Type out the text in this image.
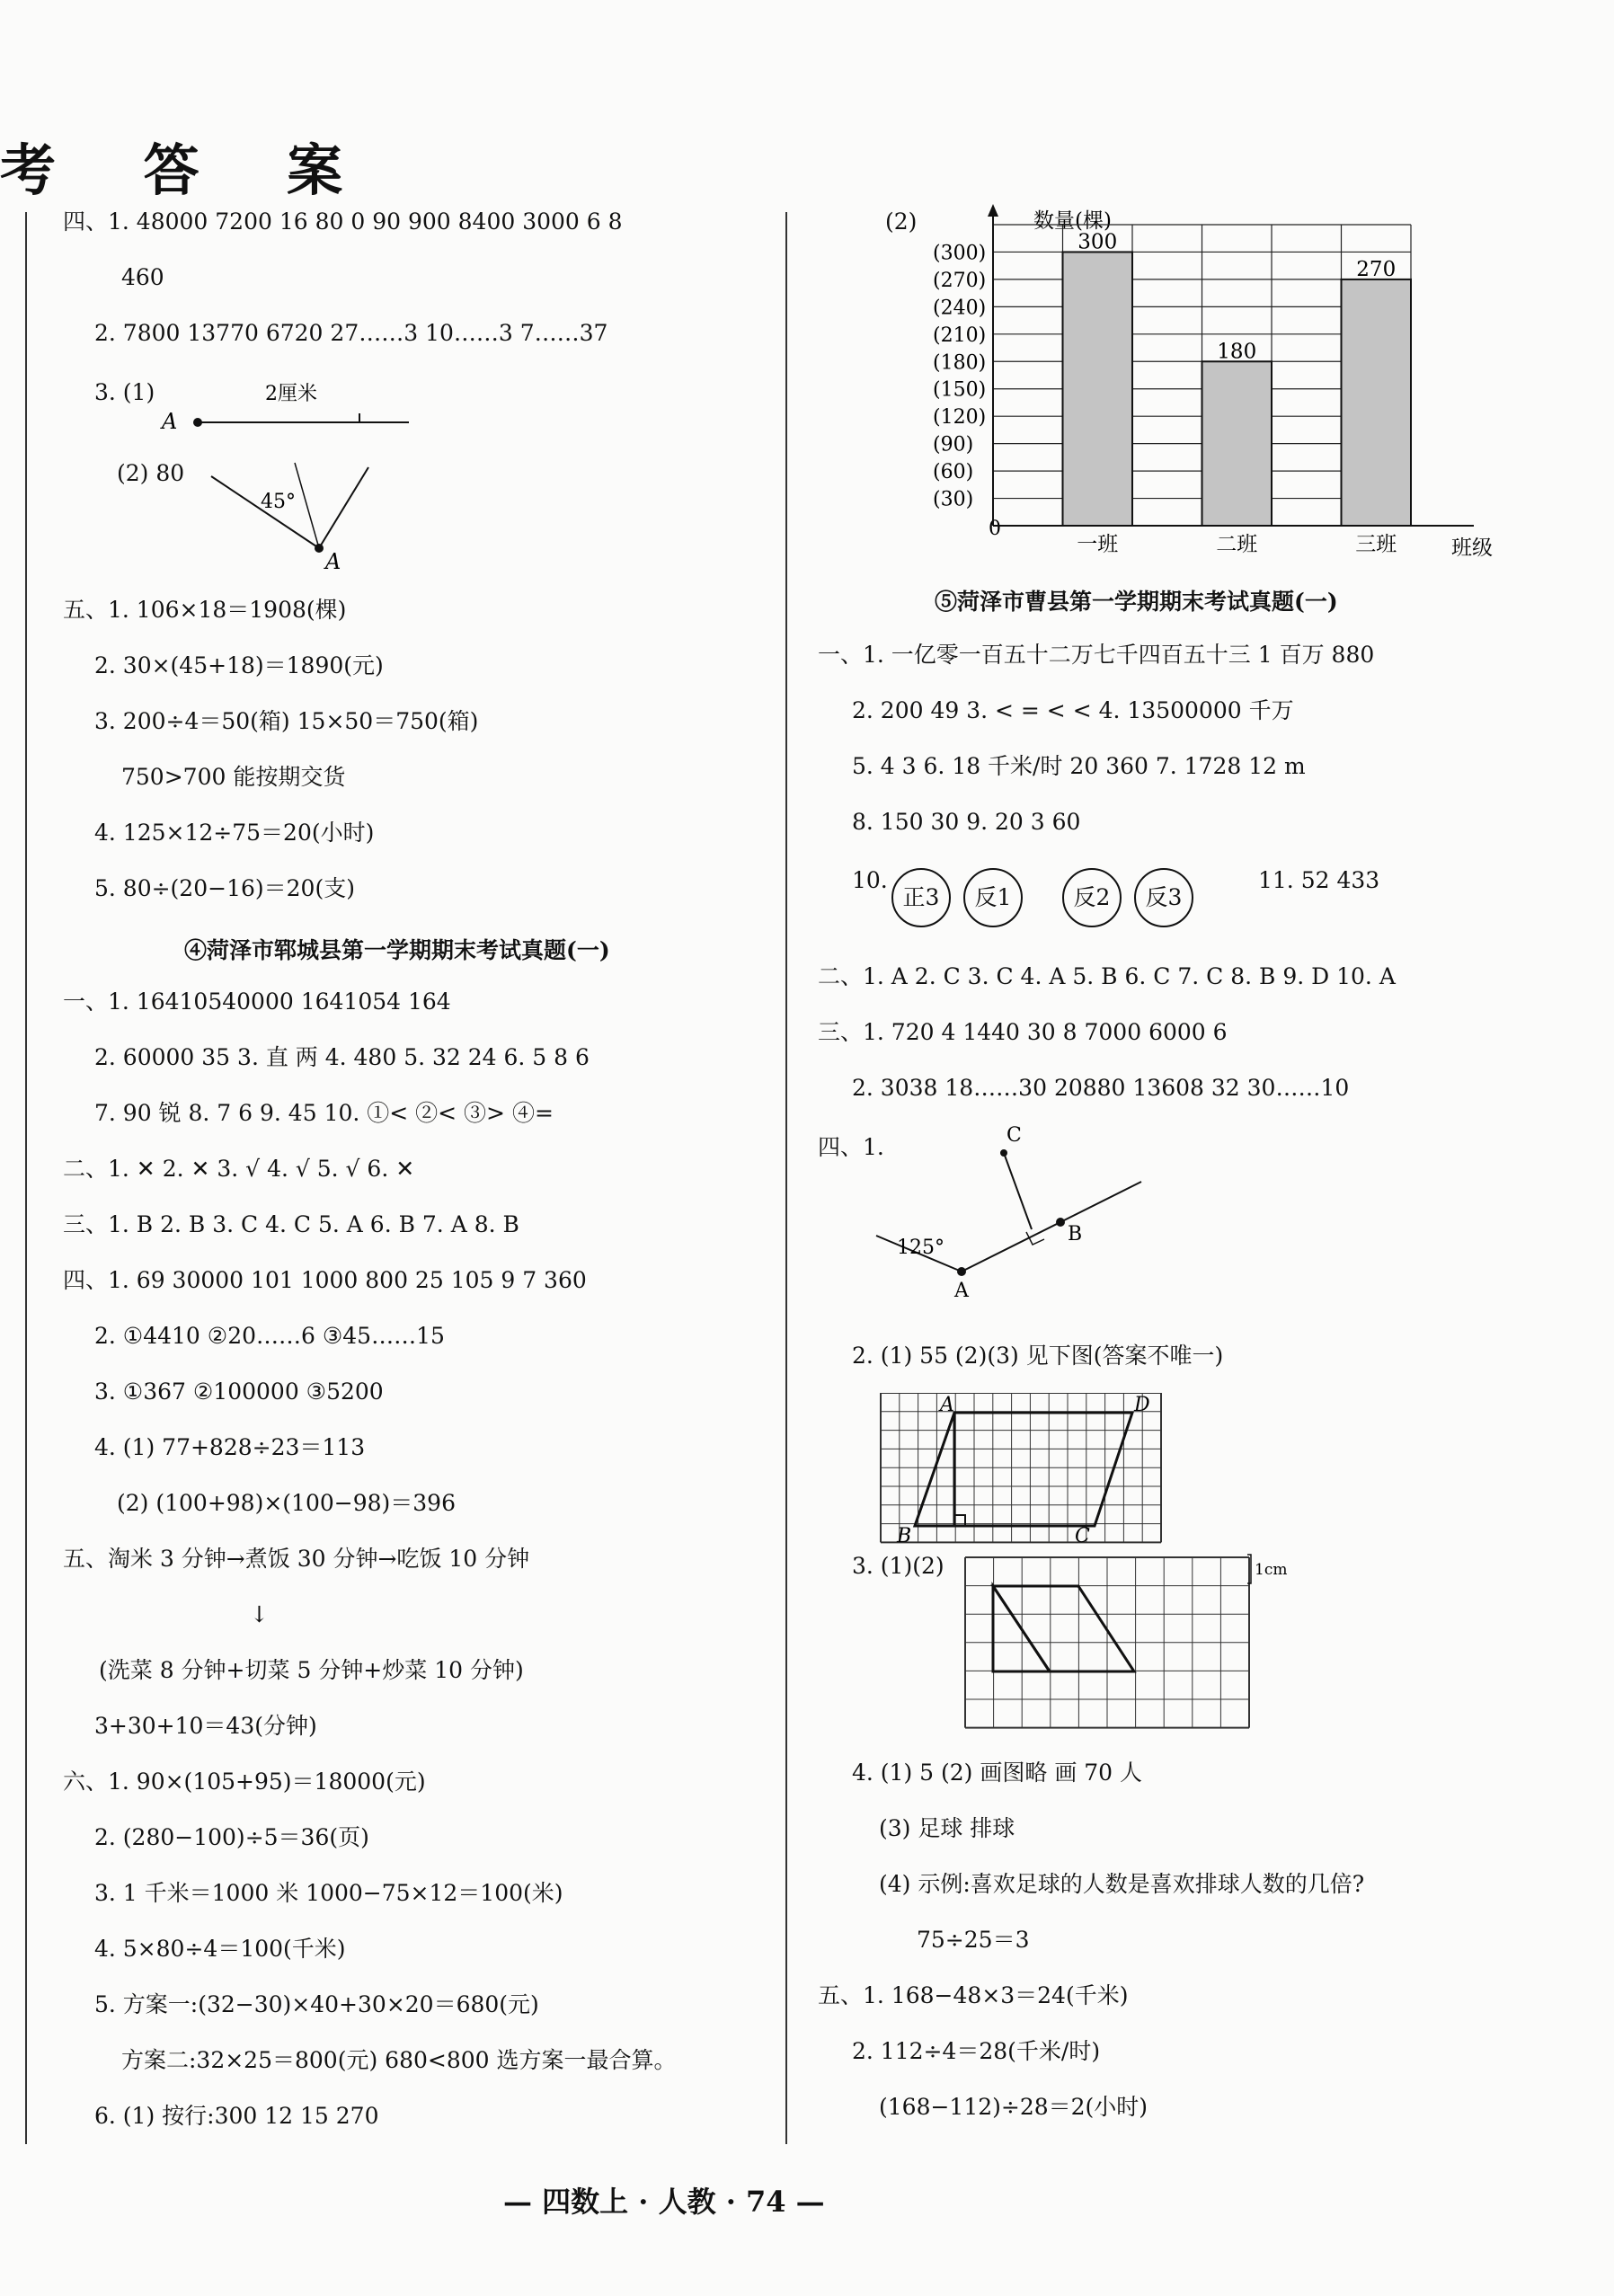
考 答 案
四、1. 48000 7200 16 80 0 90 900 8400 3000 6 8
460
2. 7800 13770 6720 27……3 10……3 7……37
3. (1)
A
2厘米
45°
A
(2) 80
五、1. 106×18＝1908(棵)
2. 30×(45+18)＝1890(元)
3. 200÷4＝50(箱) 15×50＝750(箱)
750>700 能按期交货
4. 125×12÷75＝20(小时)
5. 80÷(20−16)＝20(支)
④菏泽市郓城县第一学期期末考试真题(一)
一、1. 16410540000 1641054 164
2. 60000 35 3. 直 两 4. 480 5. 32 24 6. 5 8 6
7. 90 锐 8. 7 6 9. 45 10. ①< ②< ③> ④=
二、1. ✕ 2. ✕ 3. √ 4. √ 5. √ 6. ✕
三、1. B 2. B 3. C 4. C 5. A 6. B 7. A 8. B
四、1. 69 30000 101 1000 800 25 105 9 7 360
2. ①4410 ②20……6 ③45……15
3. ①367 ②100000 ③5200
4. (1) 77+828÷23＝113
(2) (100+98)×(100−98)＝396
五、淘米 3 分钟→煮饭 30 分钟→吃饭 10 分钟
↓
(洗菜 8 分钟+切菜 5 分钟+炒菜 10 分钟)
3+30+10＝43(分钟)
六、1. 90×(105+95)＝18000(元)
2. (280−100)÷5＝36(页)
3. 1 千米＝1000 米 1000−75×12＝100(米)
4. 5×80÷4＝100(千米)
5. 方案一:(32−30)×40+30×20＝680(元)
方案二:32×25＝800(元) 680<800 选方案一最合算。
6. (1) 按行:300 12 15 270
(2)	数量(棵)
班级
0
300
180
270
(300)
(270)
(240)
(210)
(180)
(150)
(120)
(90)
(60)
(30)
一班	二班	三班
⑤菏泽市曹县第一学期期末考试真题(一)
一、1. 一亿零一百五十二万七千四百五十三 1 百万 880
2. 200 49 3. < = < < 4. 13500000 千万
5. 4 3 6. 18 千米/时 20 360 7. 1728 12 m
8. 150 30 9. 20 3 60
10.
正3 反1	反2 反3
11. 52 433
二、1. A 2. C 3. C 4. A 5. B 6. C 7. C 8. B 9. D 10. A
三、1. 720 4 1440 30 8 7000 6000 6
2. 3038 18……30 20880 13608 32 30……10
四、1.	C
B
A
125°
2. (1) 55 (2)(3) 见下图(答案不唯一)
A	D
B	C
3. (1)(2)	1cm
4. (1) 5 (2) 画图略 画 70 人
(3) 足球 排球
(4) 示例:喜欢足球的人数是喜欢排球人数的几倍?
75÷25＝3
五、1. 168−48×3＝24(千米)
2. 112÷4＝28(千米/时)
(168−112)÷28＝2(小时)
— 四数上 · 人教 · 74 —
